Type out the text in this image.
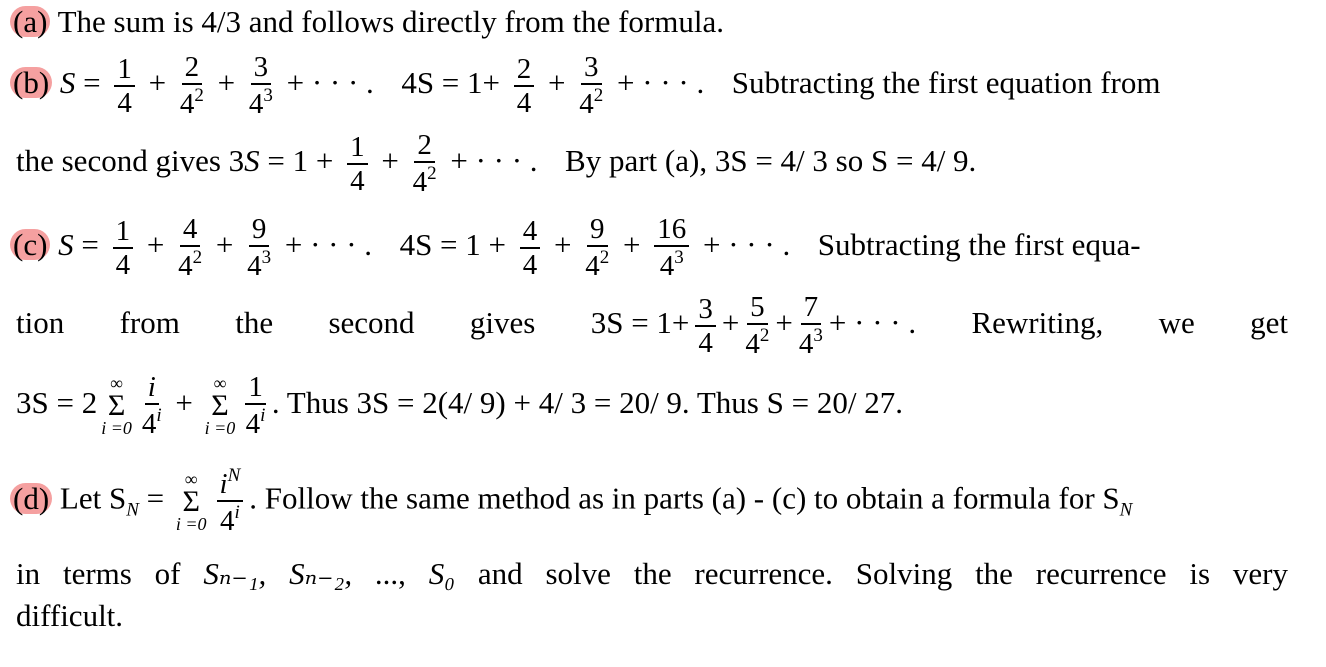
(a) The sum is 4/3 and follows directly from the formula.
(b) $S = \frac{1}{4} + \frac{2}{4^2} + \frac{3}{4^3}$ + · · · . $4S = 1+ \frac{2}{4} + \frac{3}{4^2}$ + · · · . Subtracting the first equation from
the second gives $3S = 1 + \frac{1}{4} + \frac{2}{4^2}$ + · · · . By part (a), 3S = 4/ 3 so S = 4/ 9.
(c) $S = \frac{1}{4} + \frac{4}{4^2} + \frac{9}{4^3}$ + · · · . $4S = 1 + \frac{4}{4} + \frac{9}{4^2} + \frac{16}{4^3}$ + · · · . Subtracting the first equa-
tion from the second gives $3S = 1+ \frac{3}{4} + \frac{5}{4^2} + \frac{7}{4^3}$ + · · · . Rewriting, we get
3S = 2
∞
Σ
$i =0 \frac{i}{4^i}$ +
∞
Σ
$i =0 \frac{1}{4^i}$ . Thus 3S = 2(4/ 9) + 4/ 3 = 20/ 9. Thus S = 20/ 27.
(d) Let $S_N$ =
∞
Σ
$i =0 \frac{i^N}{4^i}$ . Follow the same method as in parts (a) - (c) to obtain a formula for $S_N$
in terms of Sₙ₋₁, Sₙ₋₂, ..., S₀ and solve the recurrence. Solving the recurrence is very
difficult.
